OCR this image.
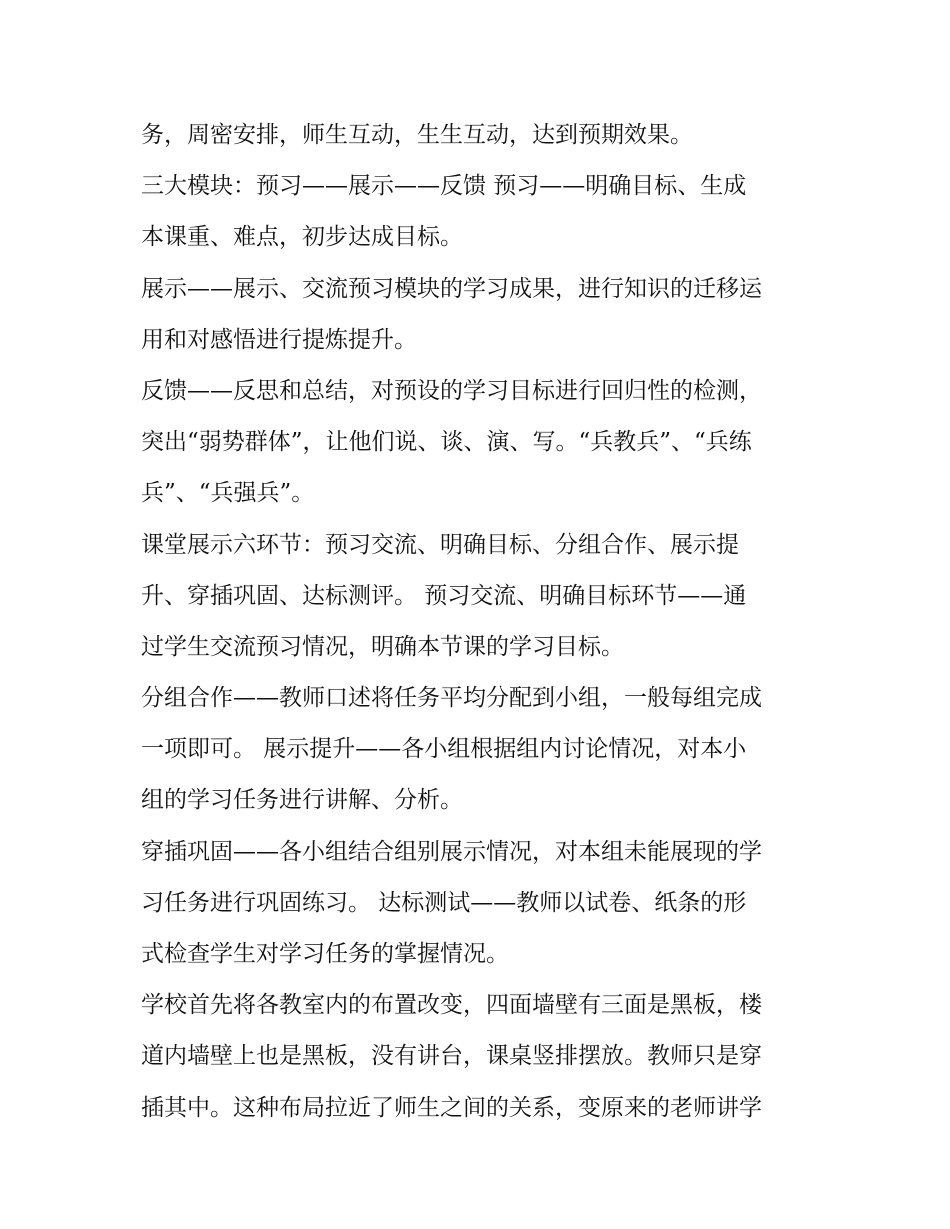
务，周密安排，师生互动，生生互动，达到预期效果。
三大模块：预习——展示——反馈 预习——明确目标、生成
本课重、难点，初步达成目标。
展示——展示、交流预习模块的学习成果，进行知识的迁移运
用和对感悟进行提炼提升。
反馈——反思和总结，对预设的学习目标进行回归性的检测，
突出“弱势群体”，让他们说、谈、演、写。“兵教兵”、“兵练
兵”、“兵强兵”。
课堂展示六环节：预习交流、明确目标、分组合作、展示提
升、穿插巩固、达标测评。 预习交流、明确目标环节——通
过学生交流预习情况，明确本节课的学习目标。
分组合作——教师口述将任务平均分配到小组，一般每组完成
一项即可。 展示提升——各小组根据组内讨论情况，对本小
组的学习任务进行讲解、分析。
穿插巩固——各小组结合组别展示情况，对本组未能展现的学
习任务进行巩固练习。 达标测试——教师以试卷、纸条的形
式检查学生对学习任务的掌握情况。
学校首先将各教室内的布置改变，四面墙壁有三面是黑板，楼
道内墙壁上也是黑板，没有讲台，课桌竖排摆放。教师只是穿
插其中。这种布局拉近了师生之间的关系，变原来的老师讲学
